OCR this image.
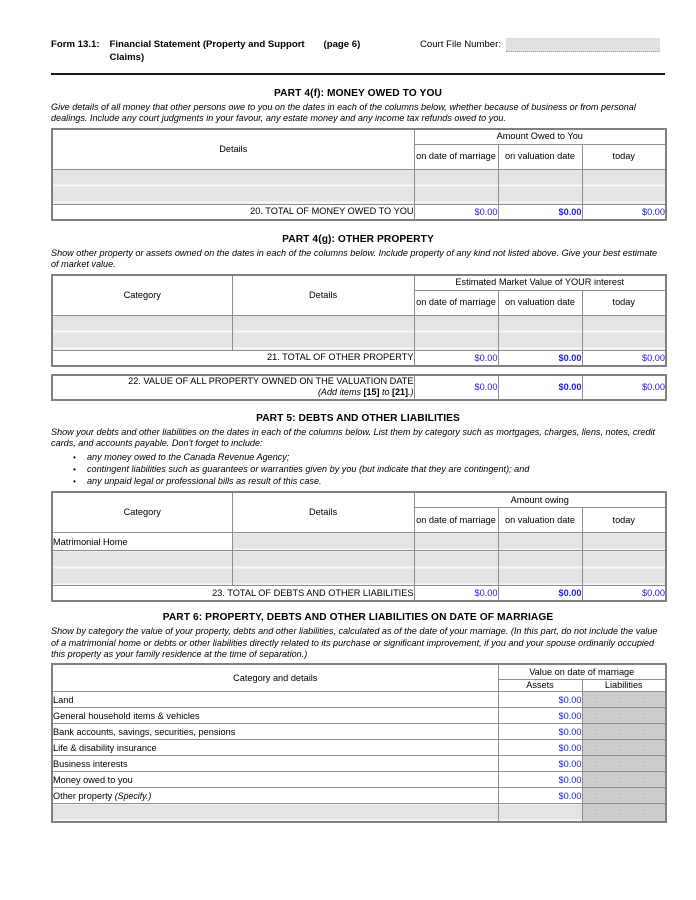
Form 13.1: Financial Statement (Property and Support Claims)
(page 6)	Court File Number:
PART 4(f): MONEY OWED TO YOU
Give details of all money that other persons owe to you on the dates in each of the columns below, whether because of business or from personal dealings. Include any court judgments in your favour, any estate money and any income tax refunds owed to you.
Details	Amount Owed to You		
	on date of marriage	on valuation date	today

20. TOTAL OF MONEY OWED TO YOU	$0.00	$0.00	$0.00
PART 4(g): OTHER PROPERTY
Show other property or assets owned on the dates in each of the columns below. Include property of any kind not listed above. Give your best estimate of market value.
Category	Details	Estimated Market Value of YOUR interest		
		on date of marriage	on valuation date	today

21. TOTAL OF OTHER PROPERTY		$0.00	$0.00	$0.00
22. VALUE OF ALL PROPERTY OWNED ON THE VALUATION DATE
(Add items [15] to [21].)	$0.00	$0.00	$0.00
PART 5: DEBTS AND OTHER LIABILITIES
Show your debts and other liabilities on the dates in each of the columns below. List them by category such as mortgages, charges, liens, notes, credit cards, and accounts payable. Don't forget to include:
• any money owed to the Canada Revenue Agency;
• contingent liabilities such as guarantees or warranties given by you (but indicate that they are contingent); and
• any unpaid legal or professional bills as result of this case.
Category	Details	Amount owing		
		on date of marriage	on valuation date	today
Matrimonial Home				

23. TOTAL OF DEBTS AND OTHER LIABILITIES		$0.00	$0.00	$0.00
PART 6: PROPERTY, DEBTS AND OTHER LIABILITIES ON DATE OF MARRIAGE
Show by category the value of your property, debts and other liabilities, calculated as of the date of your marriage. (In this part, do not include the value of a matrimonial home or debts or other liabilities directly related to its purchase or significant improvement, if you and your spouse ordinarily occupied this property as your family residence at the time of separation.)
Category and details	Value on date of marriage	
	Assets	Liabilities
Land	$0.00	
General household items & vehicles	$0.00	
Bank accounts, savings, securities, pensions	$0.00	
Life & disability insurance	$0.00	
Business interests	$0.00	
Money owed to you	$0.00	
Other property (Specify.)	$0.00	
